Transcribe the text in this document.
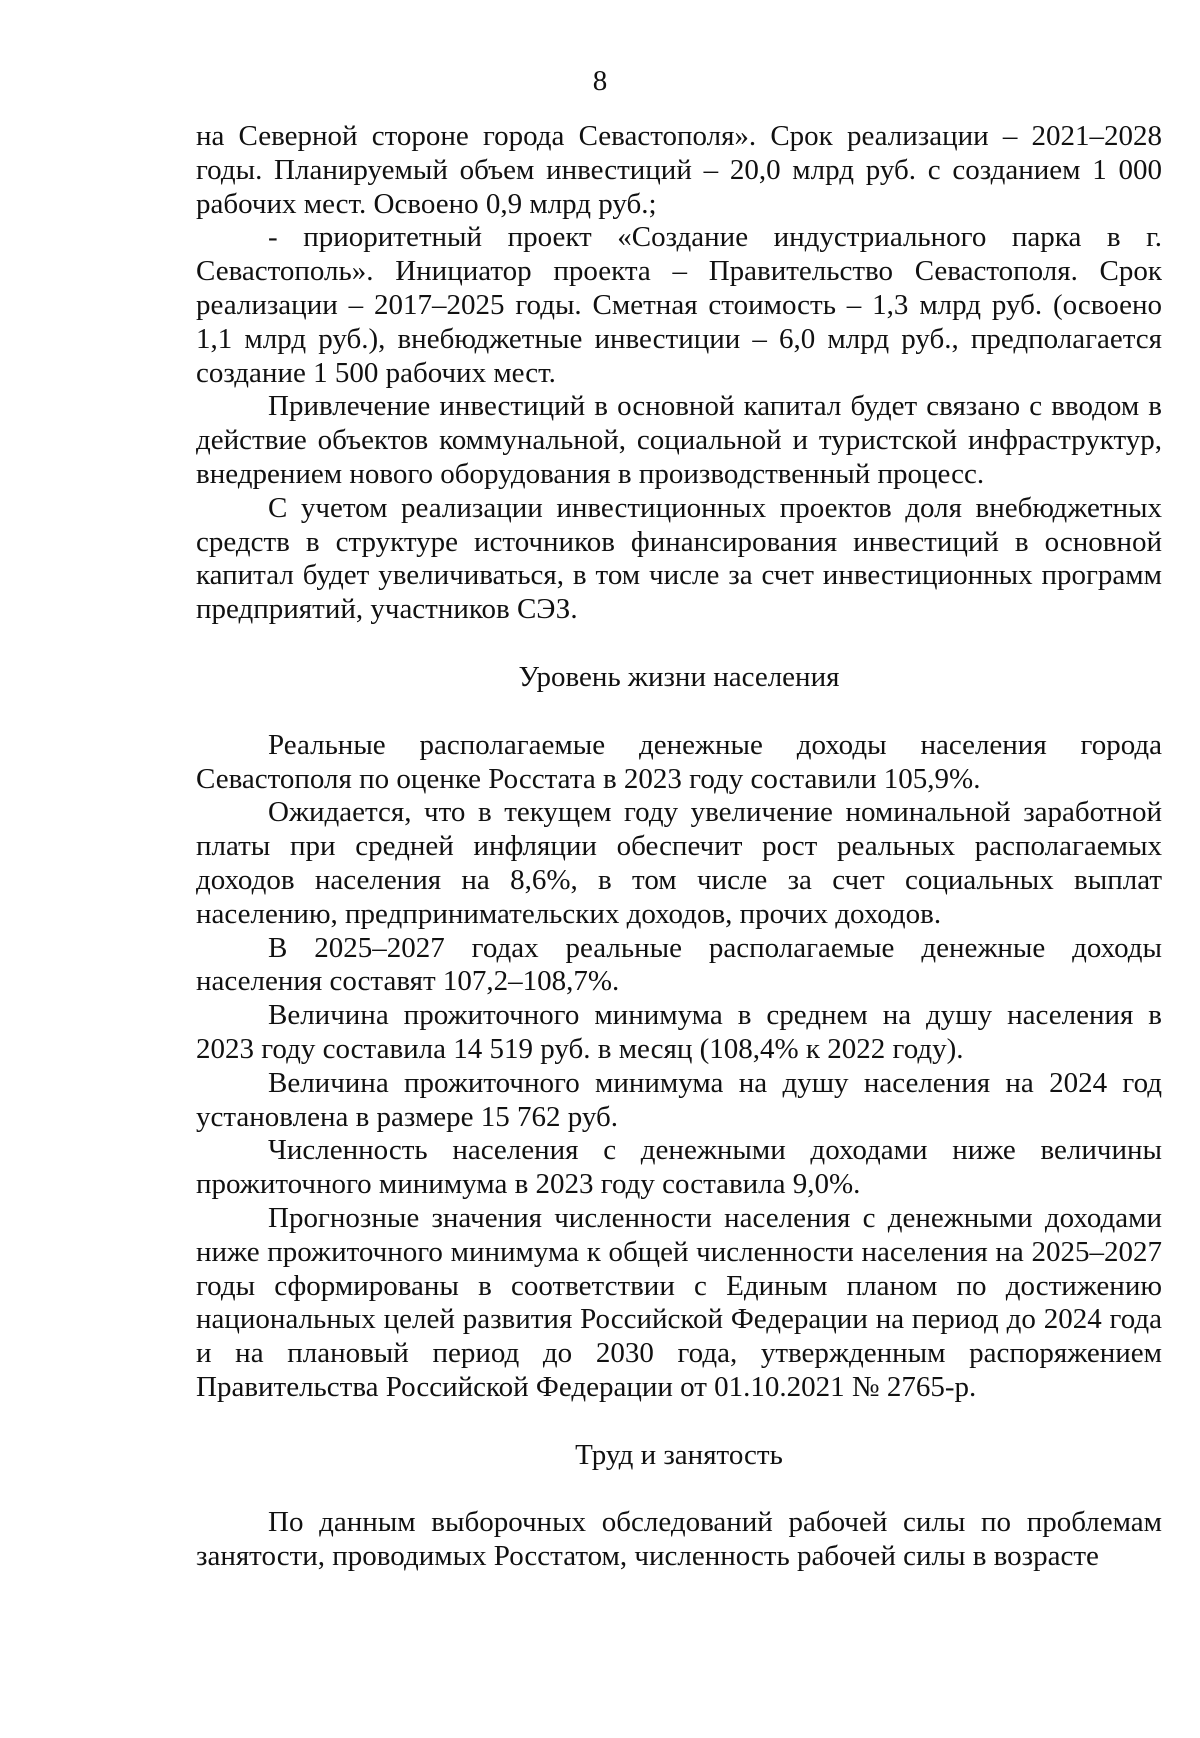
8

на Северной стороне города Севастополя». Срок реализации – 2021–2028 годы. Планируемый объем инвестиций – 20,0 млрд руб. с созданием 1 000 рабочих мест. Освоено 0,9 млрд руб.;

- приоритетный проект «Создание индустриального парка в г. Севастополь». Инициатор проекта – Правительство Севастополя. Срок реализации – 2017–2025 годы. Сметная стоимость – 1,3 млрд руб. (освоено 1,1 млрд руб.), внебюджетные инвестиции – 6,0 млрд руб., предполагается создание 1 500 рабочих мест.

Привлечение инвестиций в основной капитал будет связано с вводом в действие объектов коммунальной, социальной и туристской инфраструктур, внедрением нового оборудования в производственный процесс.

С учетом реализации инвестиционных проектов доля внебюджетных средств в структуре источников финансирования инвестиций в основной капитал будет увеличиваться, в том числе за счет инвестиционных программ предприятий, участников СЭЗ.

Уровень жизни населения

Реальные располагаемые денежные доходы населения города Севастополя по оценке Росстата в 2023 году составили 105,9%.

Ожидается, что в текущем году увеличение номинальной заработной платы при средней инфляции обеспечит рост реальных располагаемых доходов населения на 8,6%, в том числе за счет социальных выплат населению, предпринимательских доходов, прочих доходов.

В 2025–2027 годах реальные располагаемые денежные доходы населения составят 107,2–108,7%.

Величина прожиточного минимума в среднем на душу населения в 2023 году составила 14 519 руб. в месяц (108,4% к 2022 году).

Величина прожиточного минимума на душу населения на 2024 год установлена в размере 15 762 руб.

Численность населения с денежными доходами ниже величины прожиточного минимума в 2023 году составила 9,0%.

Прогнозные значения численности населения с денежными доходами ниже прожиточного минимума к общей численности населения на 2025–2027 годы сформированы в соответствии с Единым планом по достижению национальных целей развития Российской Федерации на период до 2024 года и на плановый период до 2030 года, утвержденным распоряжением Правительства Российской Федерации от 01.10.2021 № 2765-р.

Труд и занятость

По данным выборочных обследований рабочей силы по проблемам занятости, проводимых Росстатом, численность рабочей силы в возрасте
